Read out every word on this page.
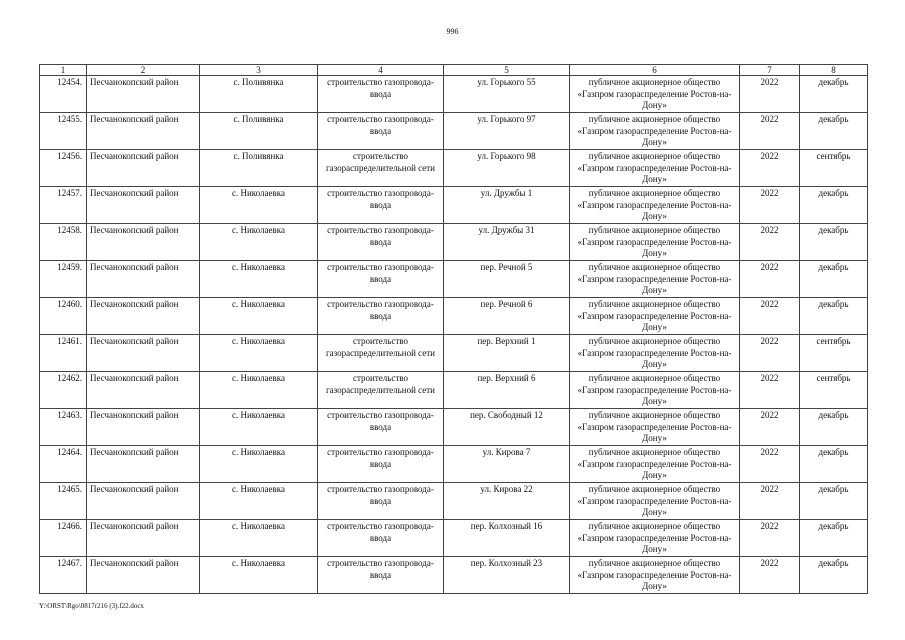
996
1	2	3	4	5	6	7	8
12454.	Песчанокопский район	с. Поливянка	строительство газопровода-ввода	ул. Горького 55	публичное акционерное общество «Газпром газораспределение Ростов-на-Дону»	2022	декабрь
12455.	Песчанокопский район	с. Поливянка	строительство газопровода-ввода	ул. Горького 97	публичное акционерное общество «Газпром газораспределение Ростов-на-Дону»	2022	декабрь
12456.	Песчанокопский район	с. Поливянка	строительство газораспределительной сети	ул. Горького 98	публичное акционерное общество «Газпром газораспределение Ростов-на-Дону»	2022	сентябрь
12457.	Песчанокопский район	с. Николаевка	строительство газопровода-ввода	ул. Дружбы 1	публичное акционерное общество «Газпром газораспределение Ростов-на-Дону»	2022	декабрь
12458.	Песчанокопский район	с. Николаевка	строительство газопровода-ввода	ул. Дружбы 31	публичное акционерное общество «Газпром газораспределение Ростов-на-Дону»	2022	декабрь
12459.	Песчанокопский район	с. Николаевка	строительство газопровода-ввода	пер. Речной 5	публичное акционерное общество «Газпром газораспределение Ростов-на-Дону»	2022	декабрь
12460.	Песчанокопский район	с. Николаевка	строительство газопровода-ввода	пер. Речной 6	публичное акционерное общество «Газпром газораспределение Ростов-на-Дону»	2022	декабрь
12461.	Песчанокопский район	с. Николаевка	строительство газораспределительной сети	пер. Верхний 1	публичное акционерное общество «Газпром газораспределение Ростов-на-Дону»	2022	сентябрь
12462.	Песчанокопский район	с. Николаевка	строительство газораспределительной сети	пер. Верхний 6	публичное акционерное общество «Газпром газораспределение Ростов-на-Дону»	2022	сентябрь
12463.	Песчанокопский район	с. Николаевка	строительство газопровода-ввода	пер. Свободный 12	публичное акционерное общество «Газпром газораспределение Ростов-на-Дону»	2022	декабрь
12464.	Песчанокопский район	с. Николаевка	строительство газопровода-ввода	ул. Кирова 7	публичное акционерное общество «Газпром газораспределение Ростов-на-Дону»	2022	декабрь
12465.	Песчанокопский район	с. Николаевка	строительство газопровода-ввода	ул. Кирова 22	публичное акционерное общество «Газпром газораспределение Ростов-на-Дону»	2022	декабрь
12466.	Песчанокопский район	с. Николаевка	строительство газопровода-ввода	пер. Колхозный 16	публичное акционерное общество «Газпром газораспределение Ростов-на-Дону»	2022	декабрь
12467.	Песчанокопский район	с. Николаевка	строительство газопровода-ввода	пер. Колхозный 23	публичное акционерное общество «Газпром газораспределение Ростов-на-Дону»	2022	декабрь
Y:\ORST\Rgo\0817r216 (3).f22.docx
